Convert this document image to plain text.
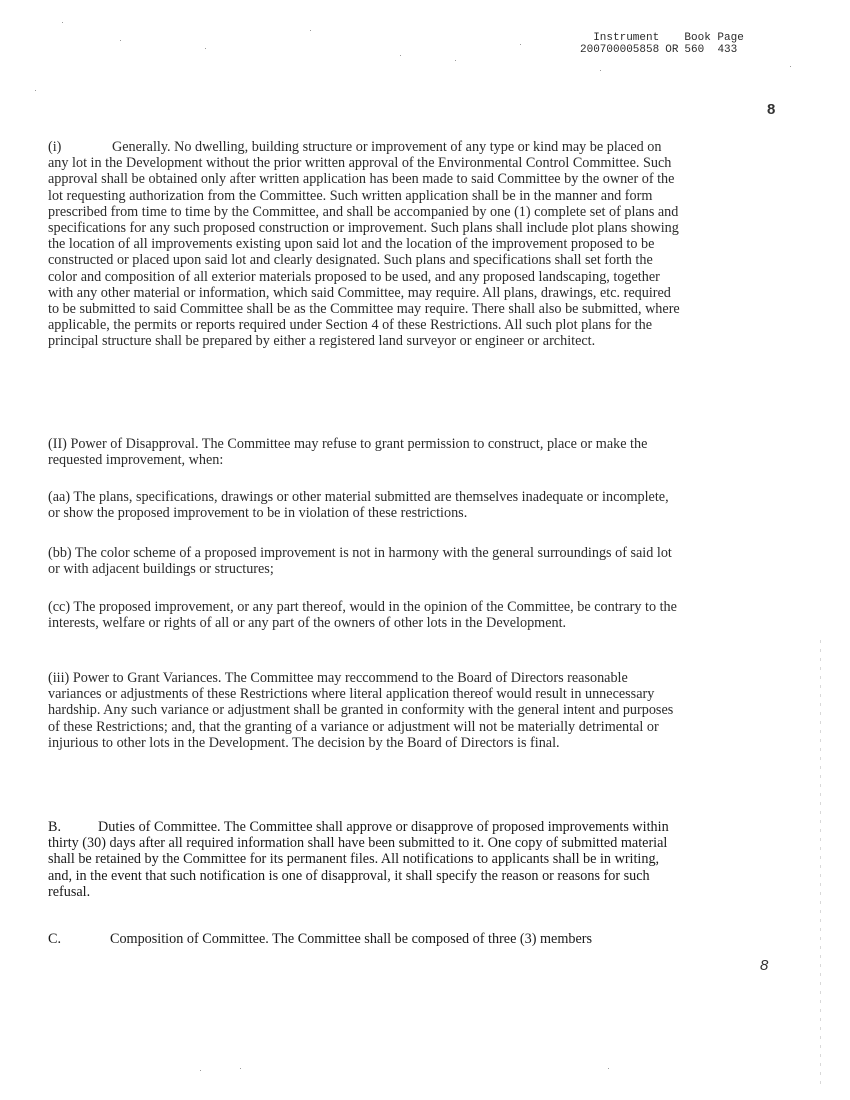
Instrument Book Page
200700005858 OR 560 433
8
(i)	Generally. No dwelling, building structure or improvement of any type or kind may be placed on any lot in the Development without the prior written approval of the Environmental Control Committee. Such approval shall be obtained only after written application has been made to said Committee by the owner of the lot requesting authorization from the Committee. Such written application shall be in the manner and form prescribed from time to time by the Committee, and shall be accompanied by one (1) complete set of plans and specifications for any such proposed construction or improvement. Such plans shall include plot plans showing the location of all improvements existing upon said lot and the location of the improvement proposed to be constructed or placed upon said lot and clearly designated. Such plans and specifications shall set forth the color and composition of all exterior materials proposed to be used, and any proposed landscaping, together with any other material or information, which said Committee, may require. All plans, drawings, etc. required to be submitted to said Committee shall be as the Committee may require. There shall also be submitted, where applicable, the permits or reports required under Section 4 of these Restrictions. All such plot plans for the principal structure shall be prepared by either a registered land surveyor or engineer or architect.
(II) Power of Disapproval. The Committee may refuse to grant permission to construct, place or make the requested improvement, when:
(aa) The plans, specifications, drawings or other material submitted are themselves inadequate or incomplete, or show the proposed improvement to be in violation of these restrictions.
(bb) The color scheme of a proposed improvement is not in harmony with the general surroundings of said lot or with adjacent buildings or structures;
(cc) The proposed improvement, or any part thereof, would in the opinion of the Committee, be contrary to the interests, welfare or rights of all or any part of the owners of other lots in the Development.
(iii) Power to Grant Variances. The Committee may reccommend to the Board of Directors reasonable variances or adjustments of these Restrictions where literal application thereof would result in unnecessary hardship. Any such variance or adjustment shall be granted in conformity with the general intent and purposes of these Restrictions; and, that the granting of a variance or adjustment will not be materially detrimental or injurious to other lots in the Development. The decision by the Board of Directors is final.
B.	Duties of Committee. The Committee shall approve or disapprove of proposed improvements within thirty (30) days after all required information shall have been submitted to it. One copy of submitted material shall be retained by the Committee for its permanent files. All notifications to applicants shall be in writing, and, in the event that such notification is one of disapproval, it shall specify the reason or reasons for such refusal.
C.	Composition of Committee. The Committee shall be composed of three (3) members
8
